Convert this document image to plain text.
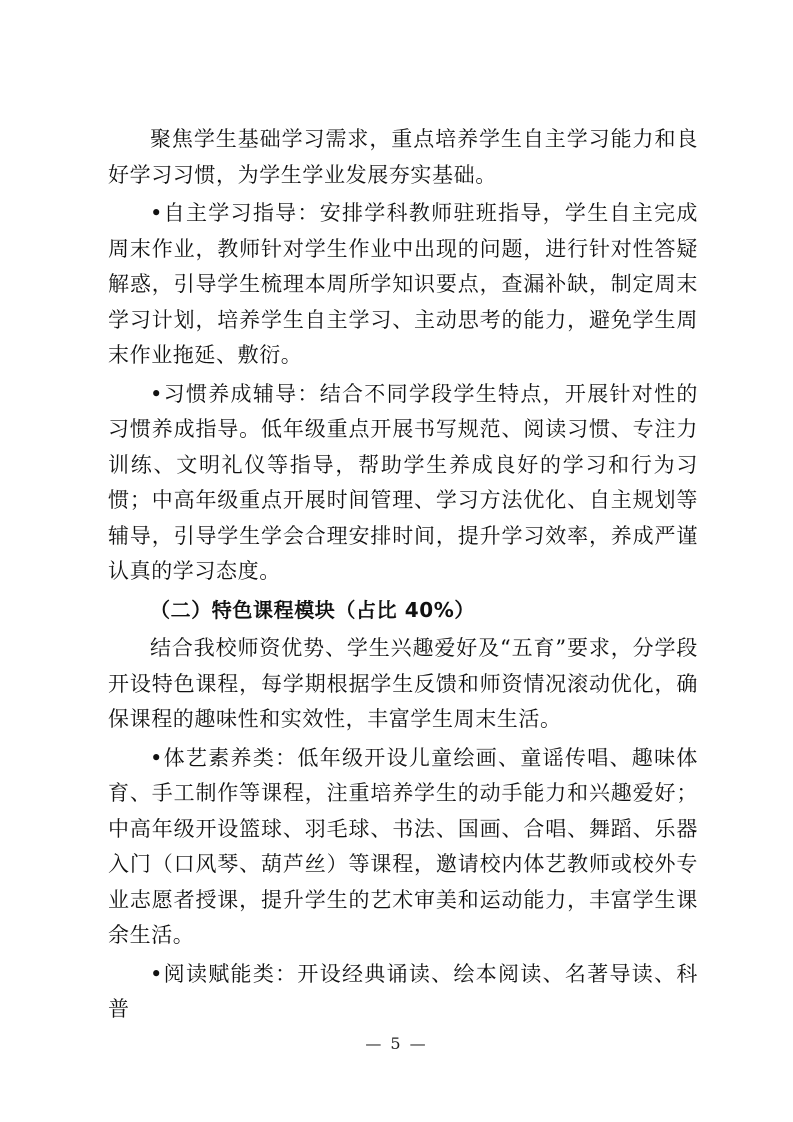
聚焦学生基础学习需求，重点培养学生自主学习能力和良好学习习惯，为学生学业发展夯实基础。

•自主学习指导：安排学科教师驻班指导，学生自主完成周末作业，教师针对学生作业中出现的问题，进行针对性答疑解惑，引导学生梳理本周所学知识要点，查漏补缺，制定周末学习计划，培养学生自主学习、主动思考的能力，避免学生周末作业拖延、敷衍。

•习惯养成辅导：结合不同学段学生特点，开展针对性的习惯养成指导。低年级重点开展书写规范、阅读习惯、专注力训练、文明礼仪等指导，帮助学生养成良好的学习和行为习惯；中高年级重点开展时间管理、学习方法优化、自主规划等辅导，引导学生学会合理安排时间，提升学习效率，养成严谨认真的学习态度。

（二）特色课程模块（占比 40%）

结合我校师资优势、学生兴趣爱好及“五育”要求，分学段开设特色课程，每学期根据学生反馈和师资情况滚动优化，确保课程的趣味性和实效性，丰富学生周末生活。

•体艺素养类：低年级开设儿童绘画、童谣传唱、趣味体育、手工制作等课程，注重培养学生的动手能力和兴趣爱好；中高年级开设篮球、羽毛球、书法、国画、合唱、舞蹈、乐器入门（口风琴、葫芦丝）等课程，邀请校内体艺教师或校外专业志愿者授课，提升学生的艺术审美和运动能力，丰富学生课余生活。

•阅读赋能类：开设经典诵读、绘本阅读、名著导读、科普

— 5 —
